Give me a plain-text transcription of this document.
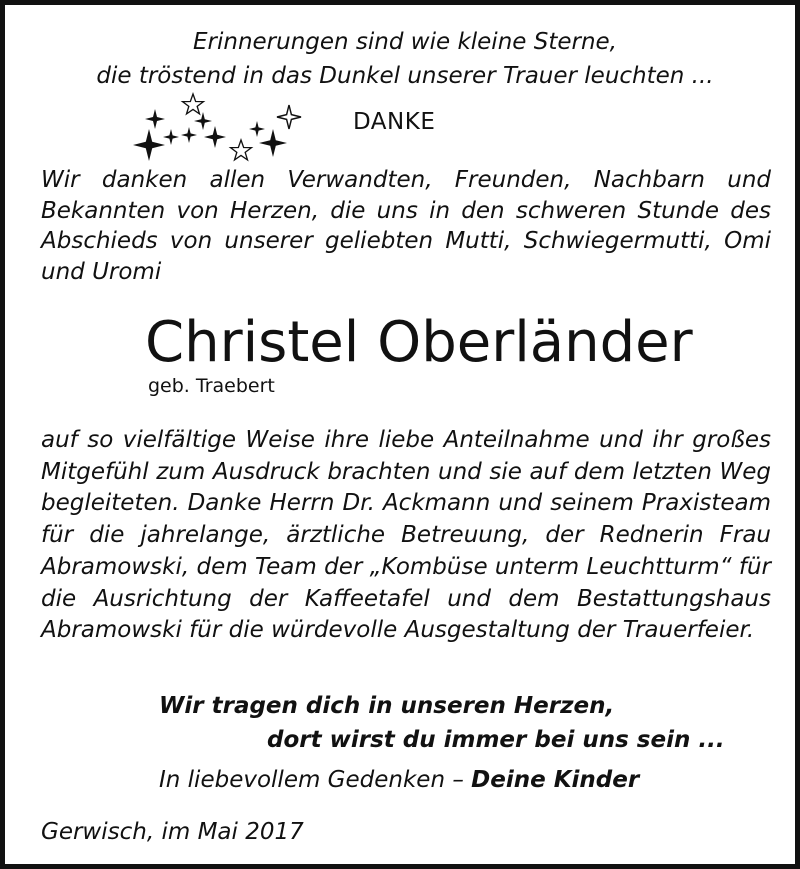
Erinnerungen sind wie kleine Sterne,
die tröstend in das Dunkel unserer Trauer leuchten ...
DANKE
Wir danken allen Verwandten, Freunden, Nachbarn und Bekannten von Herzen, die uns in den schweren Stunde des Abschieds von unserer geliebten Mutti, Schwiegermutti, Omi und Uromi
Christel Oberländer
geb. Traebert
auf so vielfältige Weise ihre liebe Anteilnahme und ihr großes Mitgefühl zum Ausdruck brachten und sie auf dem letzten Weg begleiteten. Danke Herrn Dr. Ackmann und seinem Praxisteam für die jahrelange, ärztliche Betreuung, der Rednerin Frau Abramowski, dem Team der „Kombüse unterm Leuchtturm“ für die Ausrichtung der Kaffeetafel und dem Bestattungshaus Abramowski für die würdevolle Ausgestaltung der Trauerfeier.
Wir tragen dich in unseren Herzen,
dort wirst du immer bei uns sein ...
In liebevollem Gedenken – Deine Kinder
Gerwisch, im Mai 2017
